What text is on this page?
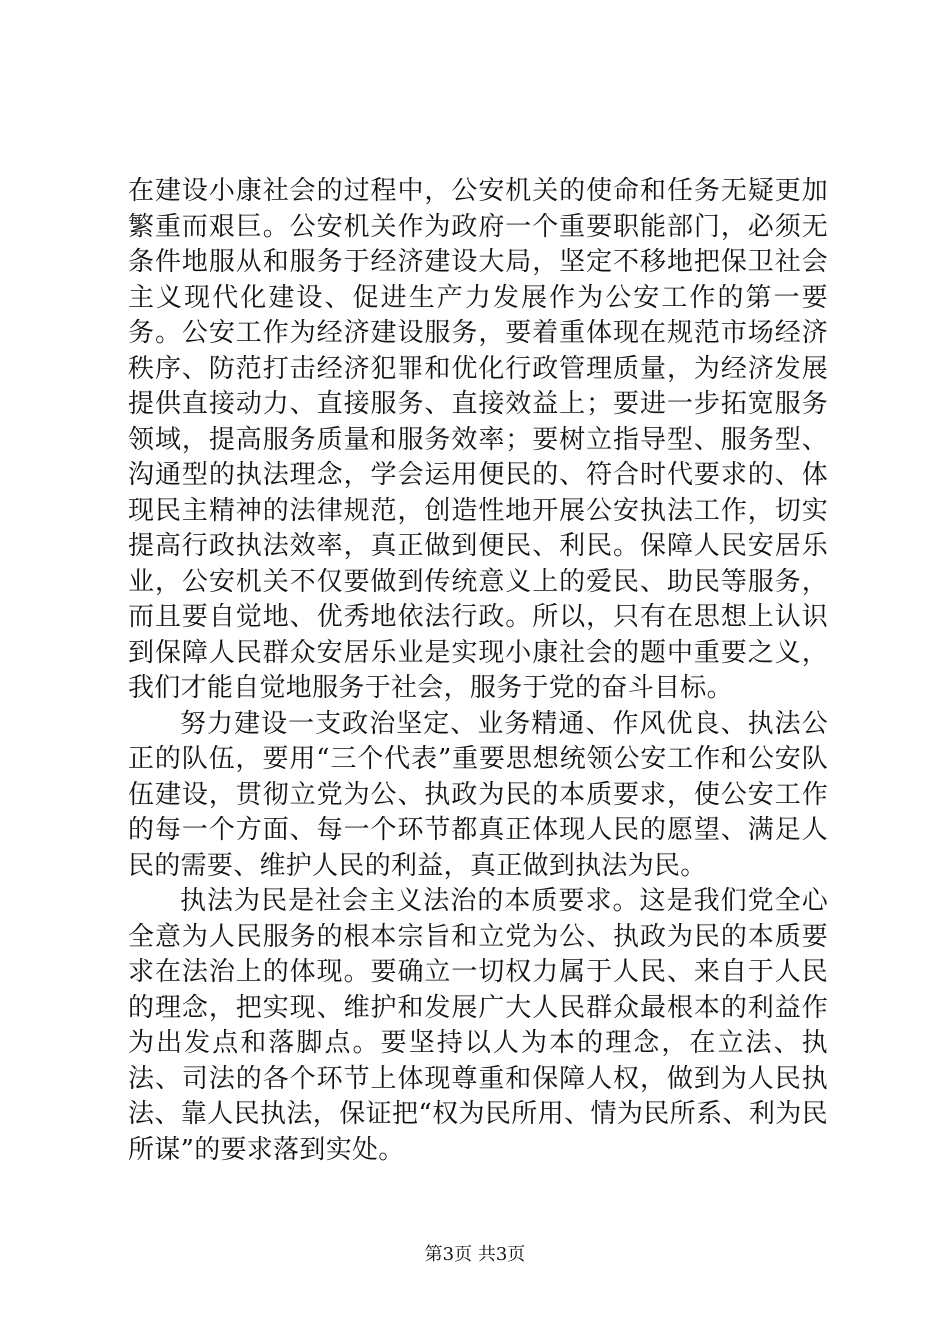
在建设小康社会的过程中，公安机关的使命和任务无疑更加繁重而艰巨。公安机关作为政府一个重要职能部门，必须无条件地服从和服务于经济建设大局，坚定不移地把保卫社会主义现代化建设、促进生产力发展作为公安工作的第一要务。公安工作为经济建设服务，要着重体现在规范市场经济秩序、防范打击经济犯罪和优化行政管理质量，为经济发展提供直接动力、直接服务、直接效益上；要进一步拓宽服务领域，提高服务质量和服务效率；要树立指导型、服务型、沟通型的执法理念，学会运用便民的、符合时代要求的、体现民主精神的法律规范，创造性地开展公安执法工作，切实提高行政执法效率，真正做到便民、利民。保障人民安居乐业，公安机关不仅要做到传统意义上的爱民、助民等服务，而且要自觉地、优秀地依法行政。所以，只有在思想上认识到保障人民群众安居乐业是实现小康社会的题中重要之义，我们才能自觉地服务于社会，服务于党的奋斗目标。

努力建设一支政治坚定、业务精通、作风优良、执法公正的队伍，要用“三个代表”重要思想统领公安工作和公安队伍建设，贯彻立党为公、执政为民的本质要求，使公安工作的每一个方面、每一个环节都真正体现人民的愿望、满足人民的需要、维护人民的利益，真正做到执法为民。

执法为民是社会主义法治的本质要求。这是我们党全心全意为人民服务的根本宗旨和立党为公、执政为民的本质要求在法治上的体现。要确立一切权力属于人民、来自于人民的理念，把实现、维护和发展广大人民群众最根本的利益作为出发点和落脚点。要坚持以人为本的理念，在立法、执法、司法的各个环节上体现尊重和保障人权，做到为人民执法、靠人民执法，保证把“权为民所用、情为民所系、利为民所谋”的要求落到实处。

第3页 共3页
